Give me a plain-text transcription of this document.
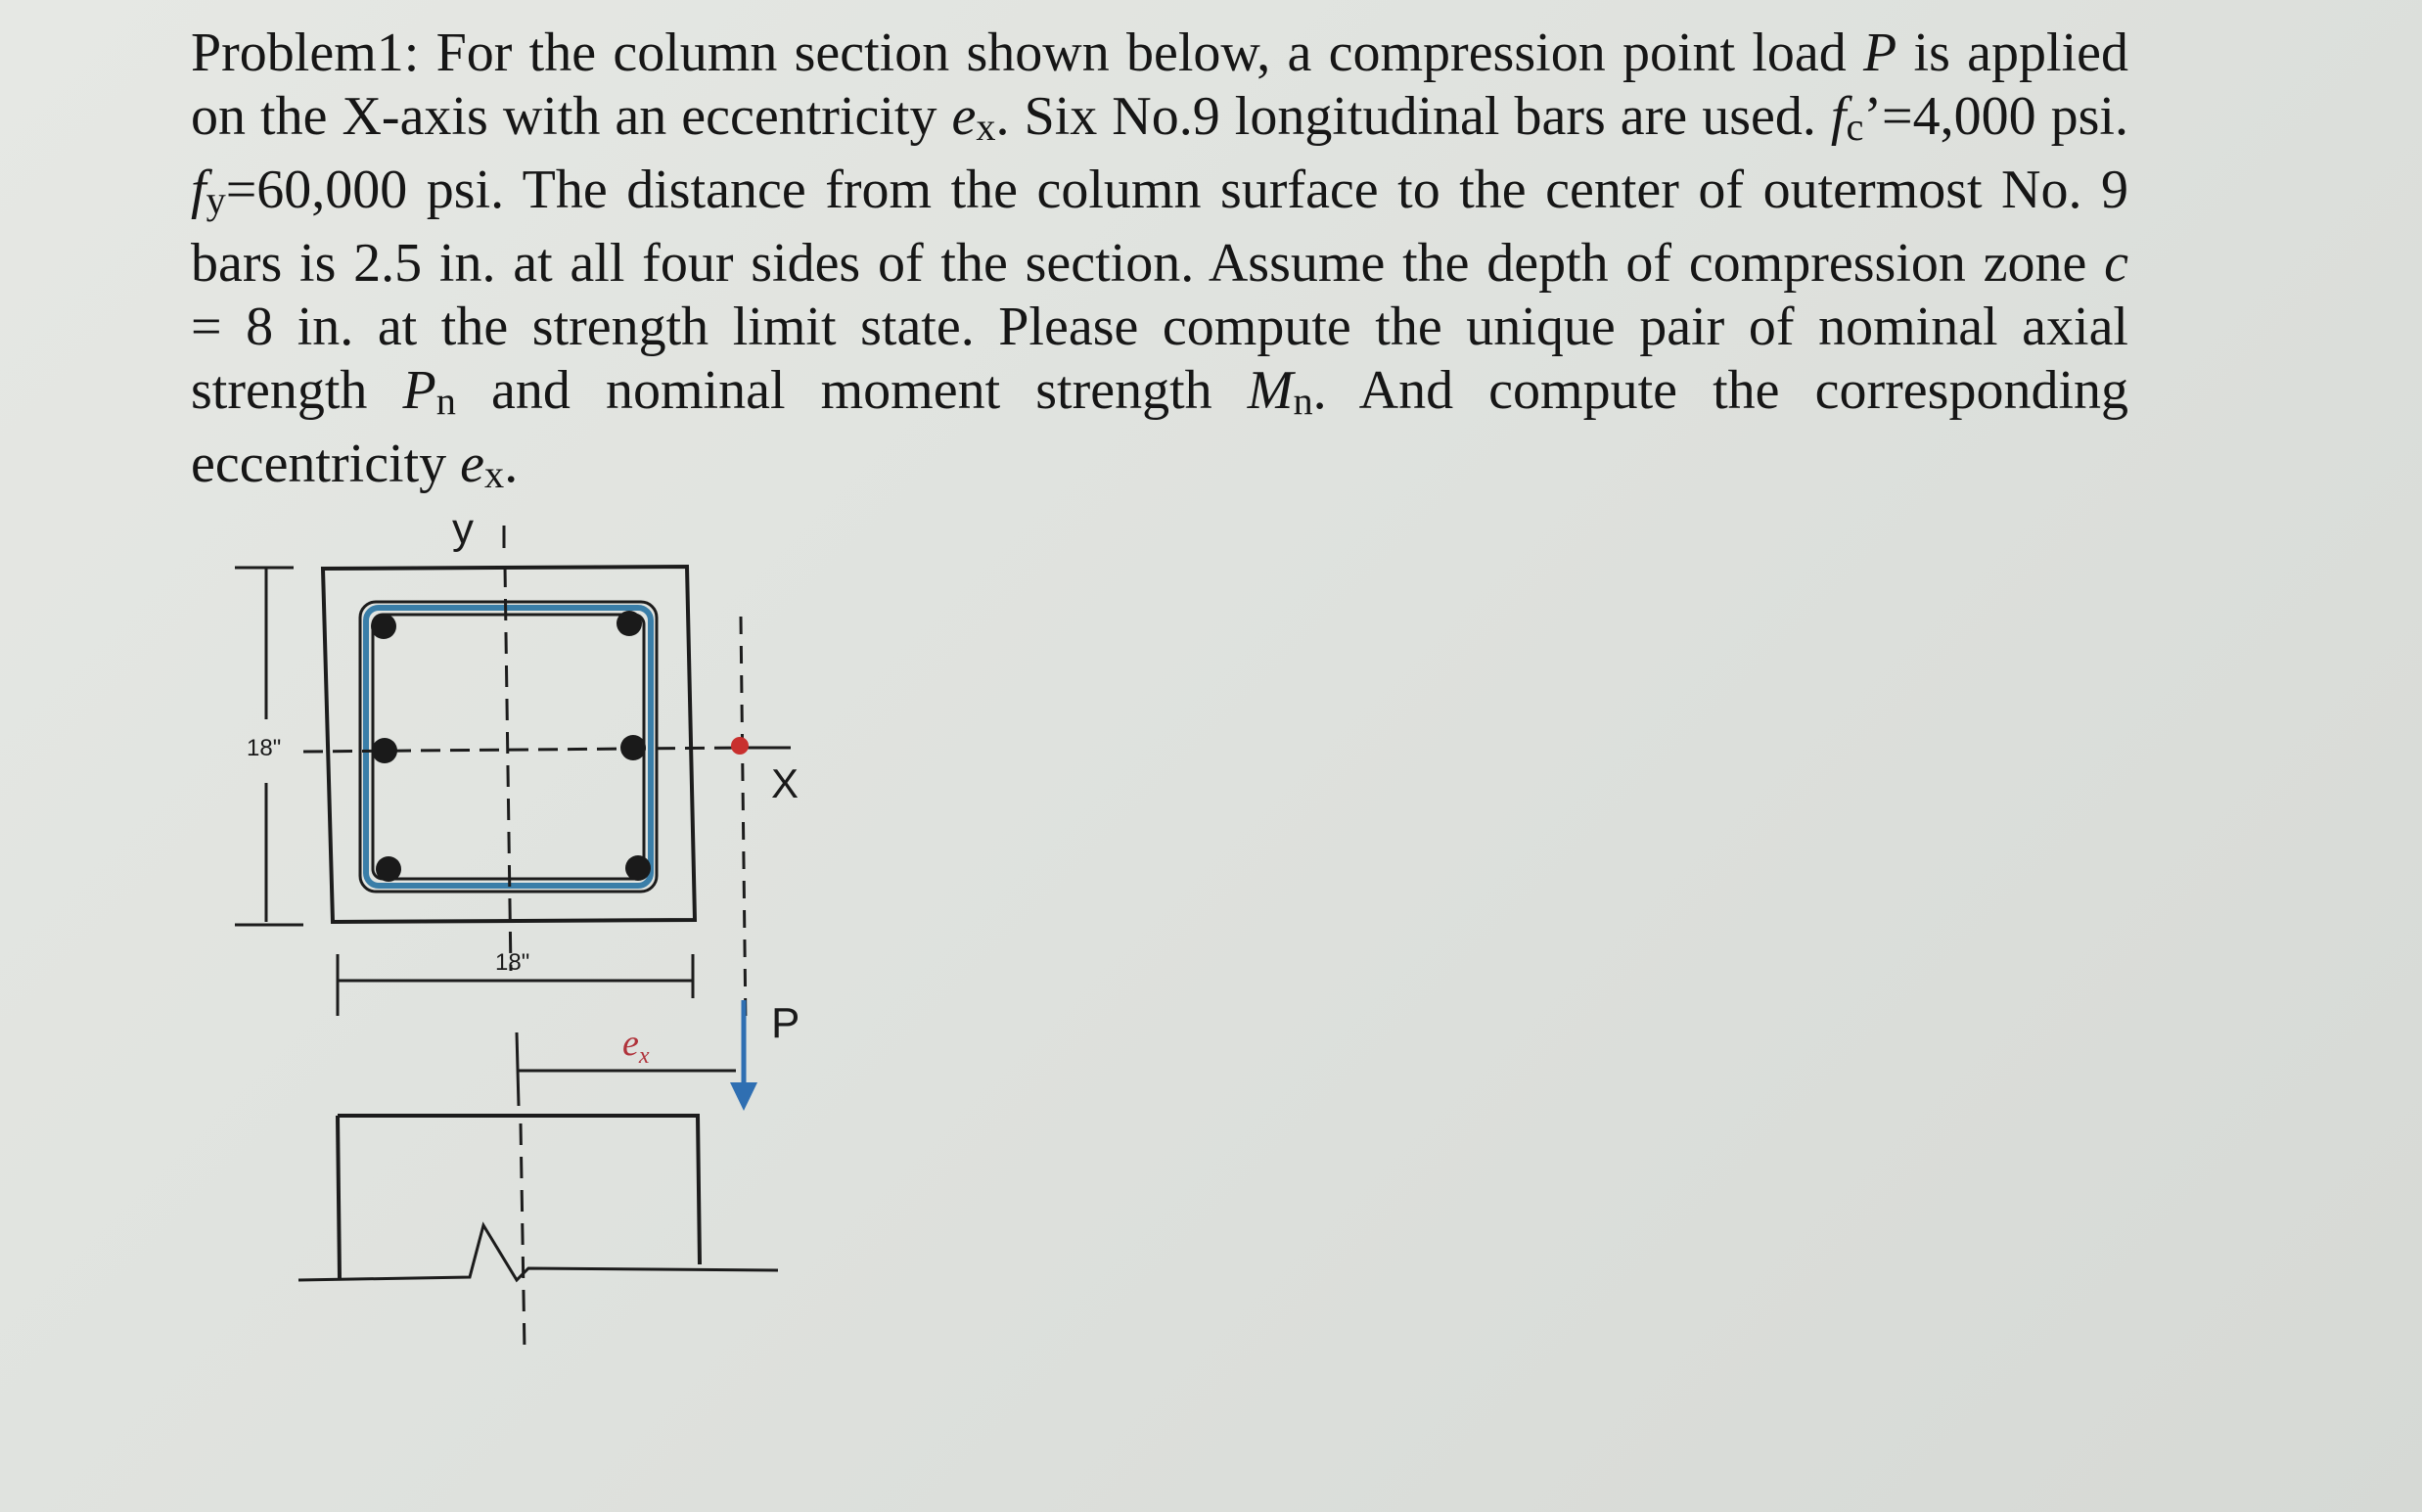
Problem1: For the column section shown below, a compression point load P is applied
on the X-axis with an eccentricity ex. Six No.9 longitudinal bars are used. fc’=4,000 psi.
fy=60,000 psi. The distance from the column surface to the center of outermost No. 9
bars is 2.5 in. at all four sides of the section. Assume the depth of compression zone c
= 8 in. at the strength limit state. Please compute the unique pair of nominal axial
strength Pn and nominal moment strength Mn. And compute the corresponding
eccentricity ex.
18"
y
X
18"
P
$e_x$
